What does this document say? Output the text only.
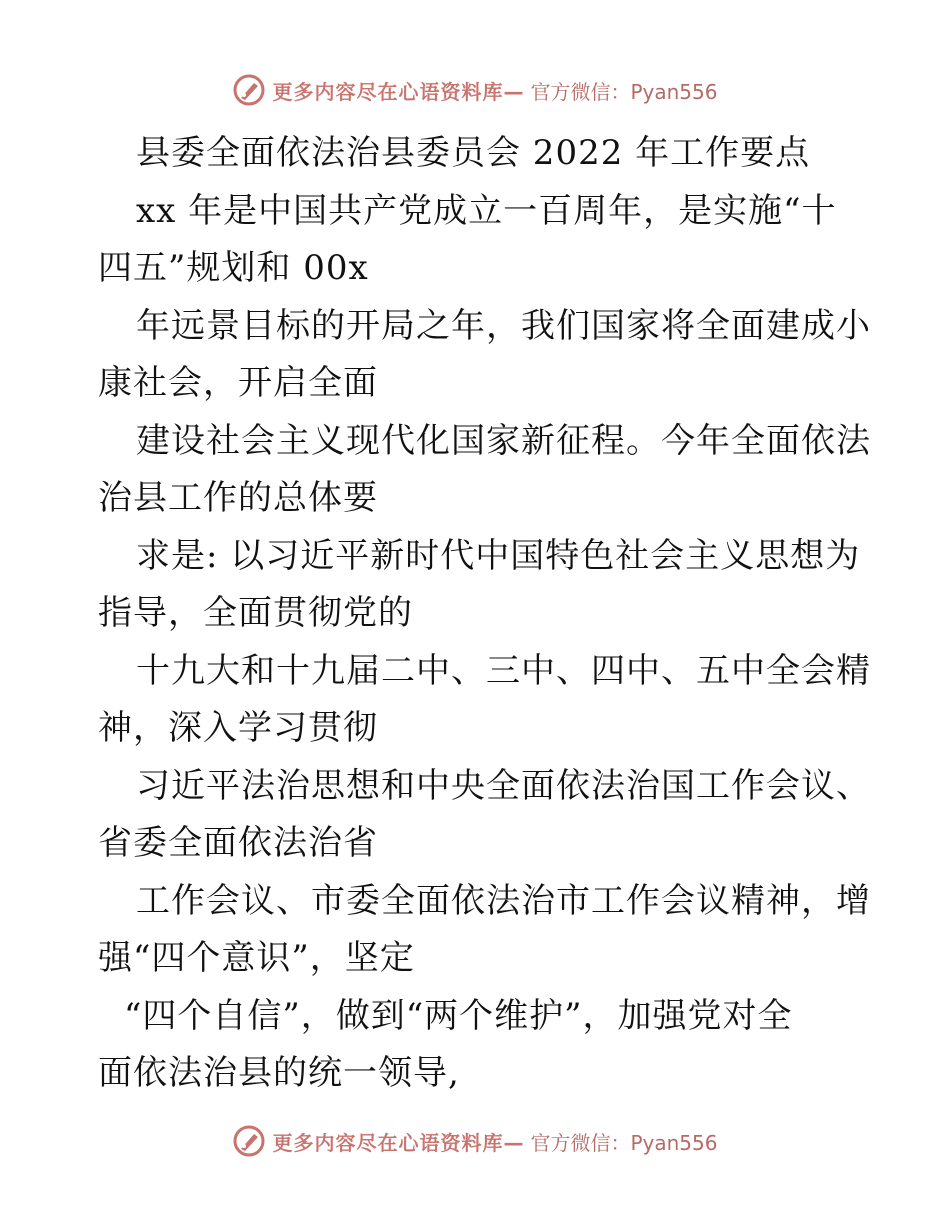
更多内容尽在心语资料库— 官方微信：Pyan556
县委全面依法治县委员会 2022 年工作要点
xx 年是中国共产党成立一百周年，是实施“十
四五”规划和 00x
年远景目标的开局之年，我们国家将全面建成小
康社会，开启全面
建设社会主义现代化国家新征程。今年全面依法
治县工作的总体要
求是: 以习近平新时代中国特色社会主义思想为
指导，全面贯彻党的
十九大和十九届二中、三中、四中、五中全会精
神，深入学习贯彻
习近平法治思想和中央全面依法治国工作会议、
省委全面依法治省
工作会议、市委全面依法治市工作会议精神，增
强“四个意识”，坚定
“四个自信”，做到“两个维护”，加强党对全
面依法治县的统一领导,
更多内容尽在心语资料库— 官方微信：Pyan556
